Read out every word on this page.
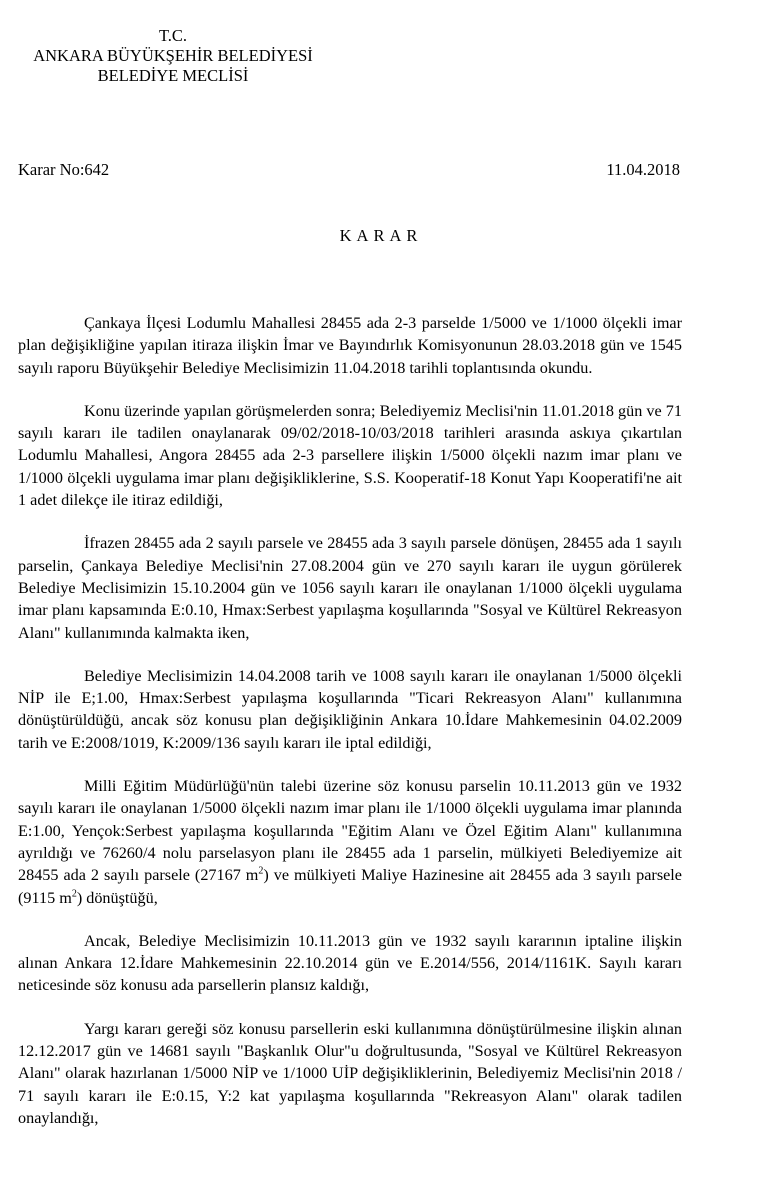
T.C.
ANKARA BÜYÜKŞEHİR BELEDİYESİ
BELEDİYE MECLİSİ
Karar No:642	11.04.2018
KARAR

Çankaya İlçesi Lodumlu Mahallesi 28455 ada 2-3 parselde 1/5000 ve 1/1000 ölçekli imar plan değişikliğine yapılan itiraza ilişkin İmar ve Bayındırlık Komisyonunun 28.03.2018 gün ve 1545 sayılı raporu Büyükşehir Belediye Meclisimizin 11.04.2018 tarihli toplantısında okundu.

Konu üzerinde yapılan görüşmelerden sonra; Belediyemiz Meclisi'nin 11.01.2018 gün ve 71 sayılı kararı ile tadilen onaylanarak 09/02/2018-10/03/2018 tarihleri arasında askıya çıkartılan Lodumlu Mahallesi, Angora 28455 ada 2-3 parsellere ilişkin 1/5000 ölçekli nazım imar planı ve 1/1000 ölçekli uygulama imar planı değişikliklerine, S.S. Kooperatif-18 Konut Yapı Kooperatifi'ne ait 1 adet dilekçe ile itiraz edildiği,

İfrazen 28455 ada 2 sayılı parsele ve 28455 ada 3 sayılı parsele dönüşen, 28455 ada 1 sayılı parselin, Çankaya Belediye Meclisi'nin 27.08.2004 gün ve 270 sayılı kararı ile uygun görülerek Belediye Meclisimizin 15.10.2004 gün ve 1056 sayılı kararı ile onaylanan 1/1000 ölçekli uygulama imar planı kapsamında E:0.10, Hmax:Serbest yapılaşma koşullarında "Sosyal ve Kültürel Rekreasyon Alanı" kullanımında kalmakta iken,

Belediye Meclisimizin 14.04.2008 tarih ve 1008 sayılı kararı ile onaylanan 1/5000 ölçekli NİP ile E;1.00, Hmax:Serbest yapılaşma koşullarında "Ticari Rekreasyon Alanı" kullanımına dönüştürüldüğü, ancak söz konusu plan değişikliğinin Ankara 10.İdare Mahkemesinin 04.02.2009 tarih ve E:2008/1019, K:2009/136 sayılı kararı ile iptal edildiği,

Milli Eğitim Müdürlüğü'nün talebi üzerine söz konusu parselin 10.11.2013 gün ve 1932 sayılı kararı ile onaylanan 1/5000 ölçekli nazım imar planı ile 1/1000 ölçekli uygulama imar planında E:1.00, Yençok:Serbest yapılaşma koşullarında "Eğitim Alanı ve Özel Eğitim Alanı" kullanımına ayrıldığı ve 76260/4 nolu parselasyon planı ile 28455 ada 1 parselin, mülkiyeti Belediyemize ait 28455 ada 2 sayılı parsele (27167 $m^2$) ve mülkiyeti Maliye Hazinesine ait 28455 ada 3 sayılı parsele (9115 $m^2$) dönüştüğü,

Ancak, Belediye Meclisimizin 10.11.2013 gün ve 1932 sayılı kararının iptaline ilişkin alınan Ankara 12.İdare Mahkemesinin 22.10.2014 gün ve E.2014/556, 2014/1161K. Sayılı kararı neticesinde söz konusu ada parsellerin plansız kaldığı,

Yargı kararı gereği söz konusu parsellerin eski kullanımına dönüştürülmesine ilişkin alınan 12.12.2017 gün ve 14681 sayılı "Başkanlık Olur"u doğrultusunda, "Sosyal ve Kültürel Rekreasyon Alanı" olarak hazırlanan 1/5000 NİP ve 1/1000 UİP değişikliklerinin, Belediyemiz Meclisi'nin 2018 / 71 sayılı kararı ile E:0.15, Y:2 kat yapılaşma koşullarında "Rekreasyon Alanı" olarak tadilen onaylandığı,
